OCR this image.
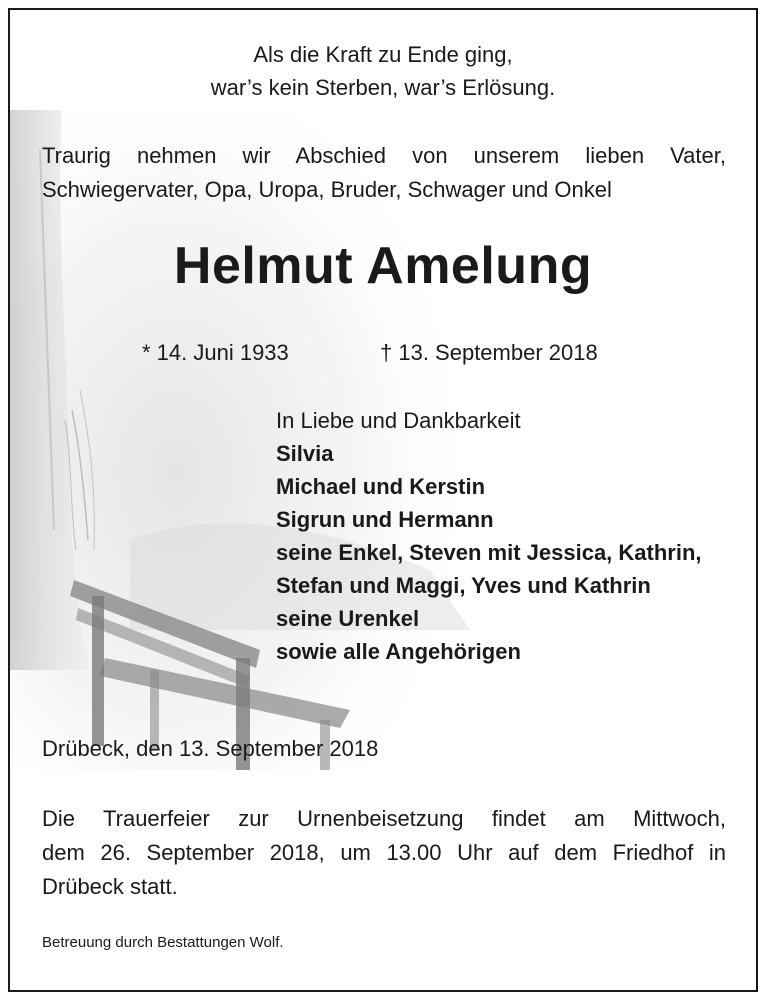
Als die Kraft zu Ende ging,
war’s kein Sterben, war’s Erlösung.
Traurig nehmen wir Abschied von unserem lieben Vater,
Schwiegervater, Opa, Uropa, Bruder, Schwager und Onkel
Helmut Amelung
* 14. Juni 1933	† 13. September 2018
In Liebe und Dankbarkeit
Silvia
Michael und Kerstin
Sigrun und Hermann
seine Enkel, Steven mit Jessica, Kathrin,
Stefan und Maggi, Yves und Kathrin
seine Urenkel
sowie alle Angehörigen
Drübeck, den 13. September 2018
Die Trauerfeier zur Urnenbeisetzung findet am Mittwoch,
dem 26. September 2018, um 13.00 Uhr auf dem Friedhof in
Drübeck statt.
Betreuung durch Bestattungen Wolf.
